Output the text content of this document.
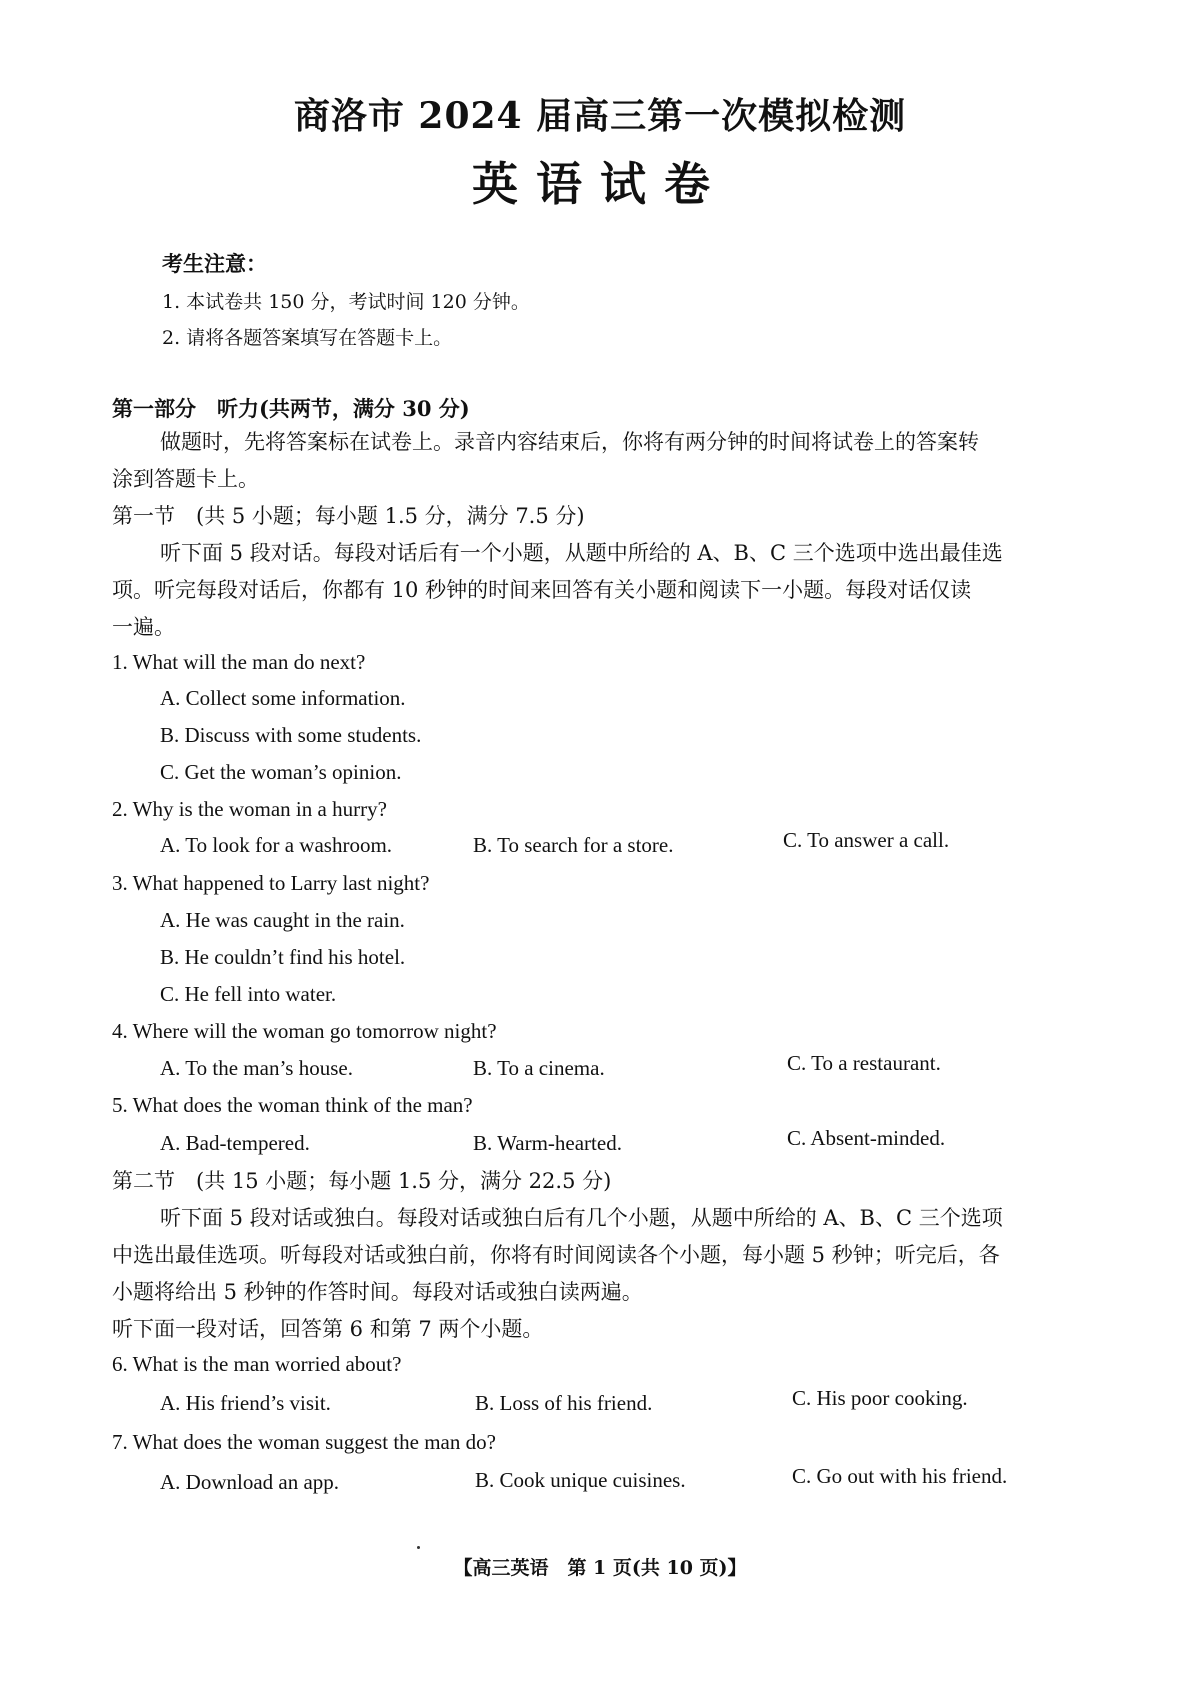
商洛市 2024 届高三第一次模拟检测
英语试卷
考生注意：
1. 本试卷共 150 分，考试时间 120 分钟。
2. 请将各题答案填写在答题卡上。
第一部分　听力(共两节，满分 30 分)
做题时，先将答案标在试卷上。录音内容结束后，你将有两分钟的时间将试卷上的答案转
涂到答题卡上。
第一节　(共 5 小题；每小题 1.5 分，满分 7.5 分)
听下面 5 段对话。每段对话后有一个小题，从题中所给的 A、B、C 三个选项中选出最佳选
项。听完每段对话后，你都有 10 秒钟的时间来回答有关小题和阅读下一小题。每段对话仅读
一遍。
1. What will the man do next?
A. Collect some information.
B. Discuss with some students.
C. Get the woman’s opinion.
2. Why is the woman in a hurry?
A. To look for a washroom.	B. To search for a store.	C. To answer a call.
3. What happened to Larry last night?
A. He was caught in the rain.
B. He couldn’t find his hotel.
C. He fell into water.
4. Where will the woman go tomorrow night?
A. To the man’s house.	B. To a cinema.	C. To a restaurant.
5. What does the woman think of the man?
A. Bad-tempered.	B. Warm-hearted.	C. Absent-minded.
第二节　(共 15 小题；每小题 1.5 分，满分 22.5 分)
听下面 5 段对话或独白。每段对话或独白后有几个小题，从题中所给的 A、B、C 三个选项
中选出最佳选项。听每段对话或独白前，你将有时间阅读各个小题，每小题 5 秒钟；听完后，各
小题将给出 5 秒钟的作答时间。每段对话或独白读两遍。
听下面一段对话，回答第 6 和第 7 两个小题。
6. What is the man worried about?
A. His friend’s visit.	B. Loss of his friend.	C. His poor cooking.
7. What does the woman suggest the man do?
A. Download an app.	B. Cook unique cuisines.	C. Go out with his friend.
【高三英语　第 1 页(共 10 页)】
